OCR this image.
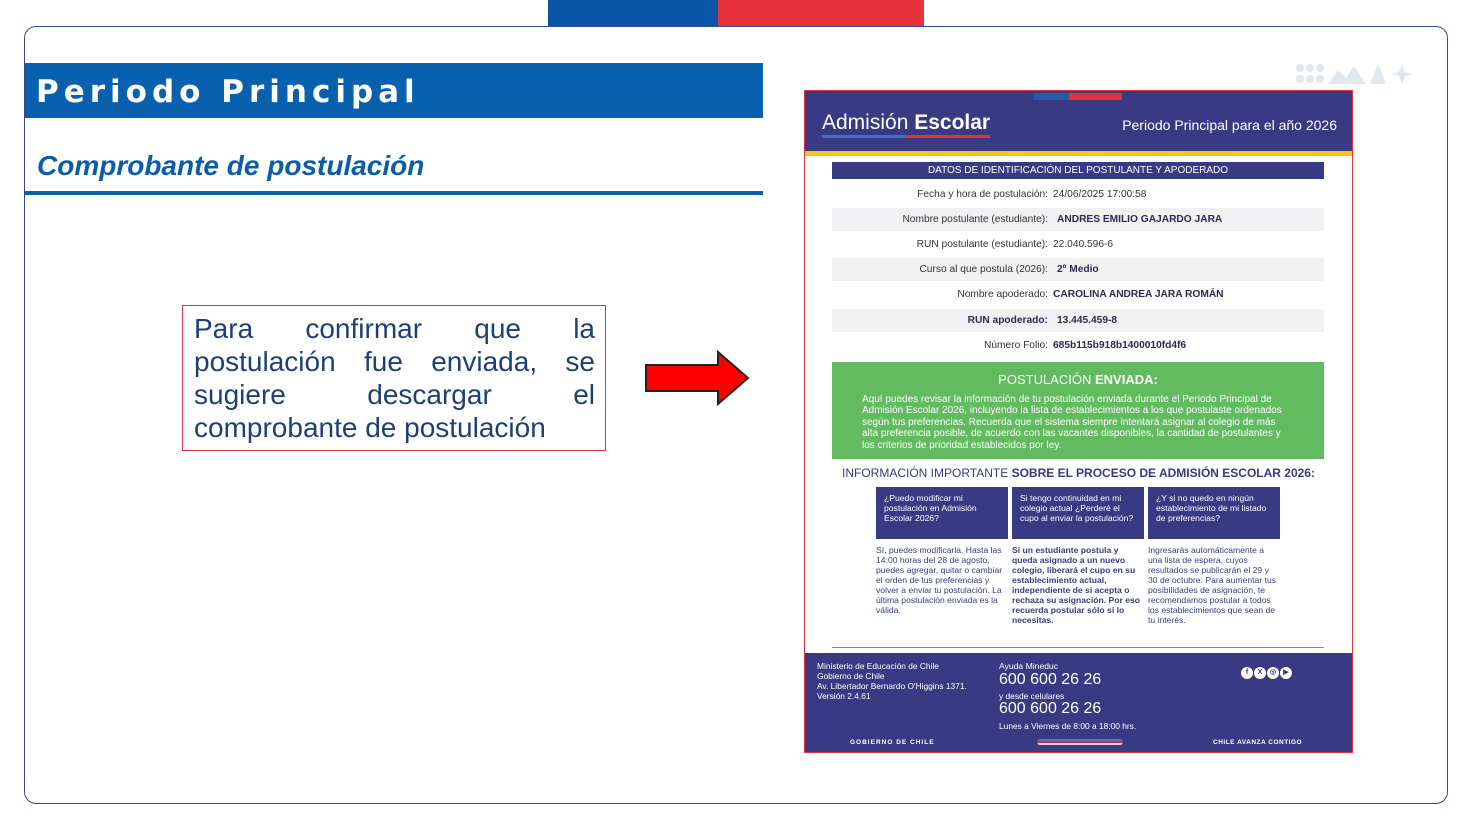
Periodo Principal
Comprobante de postulación

Para confirmar que la postulación fue enviada, se sugiere descargar el comprobante de postulación

Admisión Escolar	Periodo Principal para el año 2026
DATOS DE IDENTIFICACIÓN DEL POSTULANTE Y APODERADO
Fecha y hora de postulación: 24/06/2025 17:00:58
Nombre postulante (estudiante): ANDRES EMILIO GAJARDO JARA
RUN postulante (estudiante): 22.040.596-6
Curso al que postula (2026): 2º Medio
Nombre apoderado: CAROLINA ANDREA JARA ROMÁN
RUN apoderado: 13.445.459-8
Número Folio: 685b115b918b1400010fd4f6
POSTULACIÓN ENVIADA:
Aquí puedes revisar la información de tu postulación enviada durante el Periodo Principal de Admisión Escolar 2026, incluyendo la lista de establecimientos a los que postulaste ordenados según tus preferencias. Recuerda que el sistema siempre intentará asignar al colegio de más alta preferencia posible, de acuerdo con las vacantes disponibles, la cantidad de postulantes y los criterios de prioridad establecidos por ley.
INFORMACIÓN IMPORTANTE SOBRE EL PROCESO DE ADMISIÓN ESCOLAR 2026:
¿Puedo modificar mi postulación en Admisión Escolar 2026?
Si tengo continuidad en mi colegio actual ¿Perderé el cupo al enviar la postulación?
¿Y si no quedo en ningún establecimiento de mi listado de preferencias?
Sí, puedes modificarla. Hasta las 14:00 horas del 28 de agosto, puedes agregar, quitar o cambiar el orden de tus preferencias y volver a enviar tu postulación. La última postulación enviada es la válida.
Si un estudiante postula y queda asignado a un nuevo colegio, liberará el cupo en su establecimiento actual, independiente de si acepta o rechaza su asignación. Por eso recuerda postular sólo si lo necesitas.
Ingresarás automáticamente a una lista de espera, cuyos resultados se publicarán el 29 y 30 de octubre. Para aumentar tus posibilidades de asignación, te recomendamos postular a todos los establecimientos que sean de tu interés.
Ministerio de Educación de Chile
Gobierno de Chile
Av. Libertador Bernardo O'Higgins 1371.
Versión 2.4.61
Ayuda Mineduc
600 600 26 26
y desde celulares
600 600 26 26
Lunes a Viernes de 8:00 a 18:00 hrs.
f X ◎ ▶
GOBIERNO DE CHILE	CHILE AVANZA CONTIGO
